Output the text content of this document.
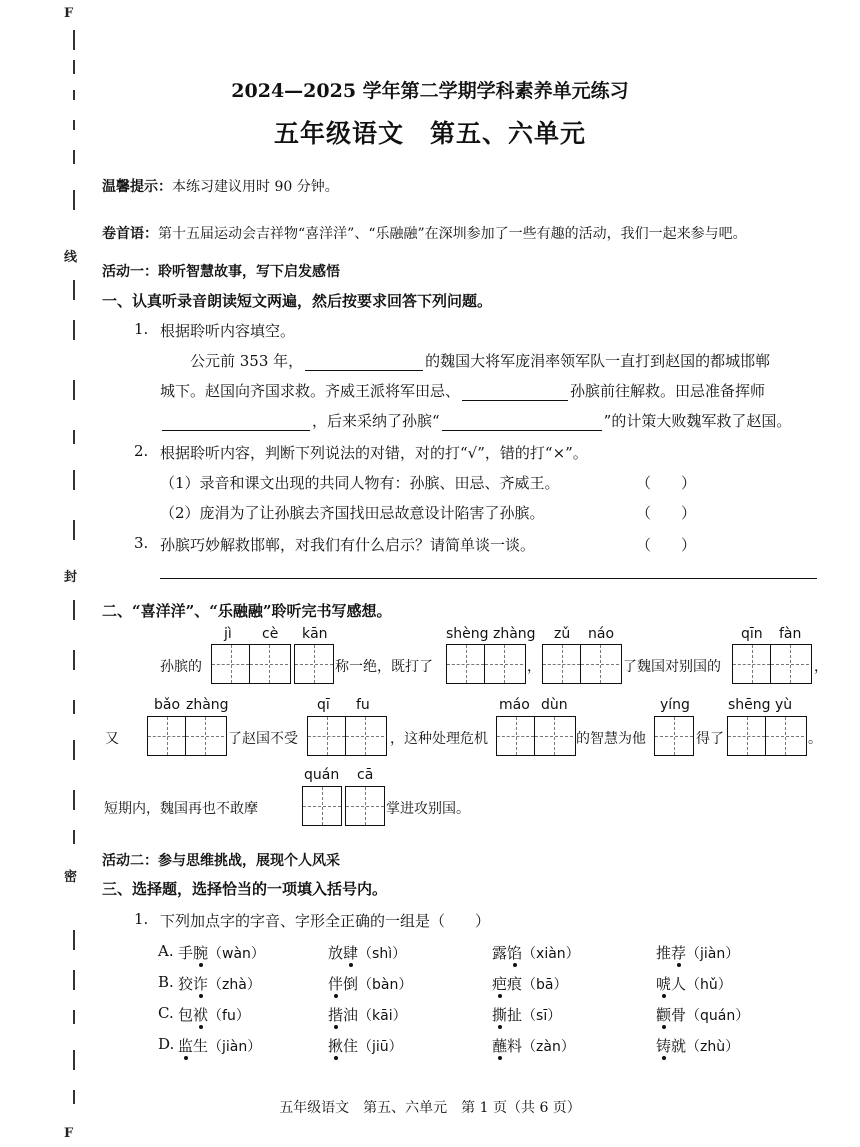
F
线
封
密
F
2024—2025 学年第二学期学科素养单元练习
五年级语文　第五、六单元
温馨提示：本练习建议用时 90 分钟。
卷首语：第十五届运动会吉祥物“喜洋洋”、“乐融融”在深圳参加了一些有趣的活动，我们一起来参与吧。
活动一：聆听智慧故事，写下启发感悟
一、认真听录音朗读短文两遍，然后按要求回答下列问题。
1. 根据聆听内容填空。
公元前 353 年，	的魏国大将军庞涓率领军队一直打到赵国的都城邯郸
城下。赵国向齐国求救。齐威王派将军田忌、	孙膑前往解救。田忌准备挥师
，后来采纳了孙膑“	”的计策大败魏军救了赵国。
2. 根据聆听内容，判断下列说法的对错，对的打“√”，错的打“×”。
（1）录音和课文出现的共同人物有：孙膑、田忌、齐威王。	（　　）
（2）庞涓为了让孙膑去齐国找田忌故意设计陷害了孙膑。	（　　）
3. 孙膑巧妙解救邯郸，对我们有什么启示？请简单谈一谈。	（　　）
二、“喜洋洋”、“乐融融”聆听完书写感想。
jì cè kān	shèng zhàng zǔ náo	qīn fàn
孙膑的	称一绝，既打了	，	了魏国对别国的	，
bǎo zhàng	qī fu	máo dùn	yíng	shēng yù
又	了赵国不受	，这种处理危机	的智慧为他	得了	。
quán cā
短期内，魏国再也不敢摩	掌进攻别国。
活动二：参与思维挑战，展现个人风采
三、选择题，选择恰当的一项填入括号内。
1. 下列加点字的字音、字形全正确的一组是（　　）
A. 手腕（wàn）	放肆（shì）	露馅（xiàn）	推荐（jiàn）
B. 狡诈（zhà）	伴倒（bàn）	疤痕（bā）	唬人（hǔ）
C. 包袱（fu）	揩油（kāi）	撕扯（sī）	颧骨（quán）
D. 监生（jiàn）	揪住（jiū）	蘸料（zàn）	铸就（zhù）
五年级语文　第五、六单元　第 1 页（共 6 页）
